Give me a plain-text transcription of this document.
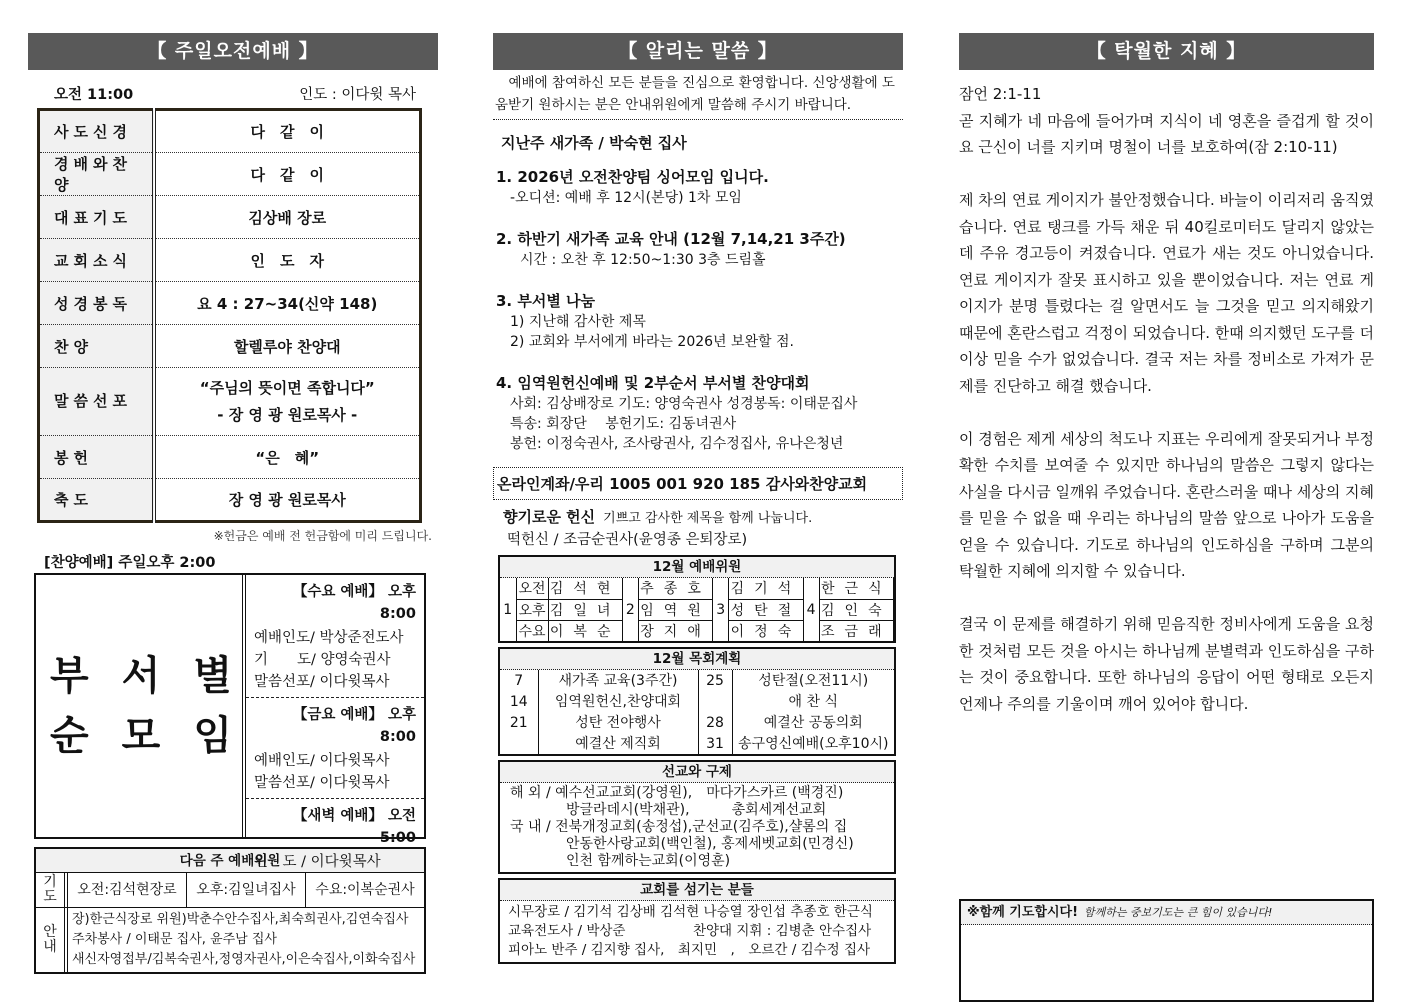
【 주일오전예배 】
오전 11:00	인도 : 이다윗 목사
사도신경	다　같　이
경배와찬양	다　같　이
대표기도	김상배 장로
교회소식	인　도　자
성경봉독	요 4 : 27~34(신약 148)
찬양	할렐루야 찬양대
말씀선포	“주님의 뜻이면 족합니다”
- 장 영 광 원로목사 -

봉헌	“은　혜”
축도	장 영 광 원로목사
※헌금은 예배 전 헌금함에 미리 드립니다.
[찬양예배] 주일오후 2:00
부 서 별
순 모 임
【수요 예배】 오후 8:00
예배인도/ 박상준전도사
기　　도/ 양영숙권사
말씀선포/ 이다윗목사
【금요 예배】 오후 8:00
예배인도/ 이다윗목사
말씀선포/ 이다윗목사
【새벽 예배】 오전 5:00
인　도 / 이다윗목사
다음 주 예배위원
기도	오전:김석현장로	오후:김일녀집사	수요:이복순권사
안내
장)한근식장로 위원)박춘수안수집사,최숙희권사,김연숙집사
주차봉사 / 이태문 집사, 윤주남 집사
새신자영접부/김복숙권사,정영자권사,이은숙집사,이화숙집사
【 알리는 말씀 】
　예배에 참여하신 모든 분들을 진심으로 환영합니다. 신앙생활에 도움받기 원하시는 분은 안내위원에게 말씀해 주시기 바랍니다.
지난주 새가족 / 박숙현 집사
1. 2026년 오전찬양팀 싱어모임 입니다.
-오디션: 예배 후 12시(본당) 1차 모임
2. 하반기 새가족 교육 안내 (12월 7,14,21 3주간)
시간 : 오찬 후 12:50~1:30 3층 드림홀
3. 부서별 나눔
1) 지난해 감사한 제목
2) 교회와 부서에게 바라는 2026년 보완할 점.
4. 임역원헌신예배 및 2부순서 부서별 찬양대회
사회: 김상배장로 기도: 양영숙권사 성경봉독: 이태문집사
특송: 회장단　 봉헌기도: 김동녀권사
봉헌: 이정숙권사, 조사랑권사, 김수정집사, 유나은청년
온라인계좌/우리 1005 001 920 185 감사와찬양교회
향기로운 헌신 기쁘고 감사한 제목을 함께 나눕니다.
떡헌신 / 조금순권사(윤영종 은퇴장로)
12월 예배위원
1	오전	김석현	2	추종호	3	김기석	4	한근식
	오후	김일녀		임역원		성탄절		김인숙
	수요	이복순		장지애		이정숙		조금래
12월 목회계획
7	새가족 교육(3주간)	25	성탄절(오전11시)
14	임역원헌신,찬양대회		애 찬 식
21	성탄 전야행사	28	예결산 공동의회
	예결산 제직회	31	송구영신예배(오후10시)
선교와 구제
해 외 / 예수선교교회(강영원),　마다가스카르 (백경진)
　　　　방글라데시(박채관),　　　총회세계선교회
국 내 / 전북개정교회(송정섭),군선교(김주호),샬롬의 집
　　　　안동한사랑교회(백인철), 홍제세벳교회(민경신)
　　　　인천 함께하는교회(이영훈)
교회를 섬기는 분들
시무장로 / 김기석 김상배 김석현 나승열 장인섭 추종호 한근식
교육전도사 / 박상준　　　　　찬양대 지휘 : 김병춘 안수집사
피아노 반주 / 김지향 집사,　최지민　,　오르간 / 김수정 집사
【 탁월한 지혜 】
잠언 2:1-11
곧 지혜가 네 마음에 들어가며 지식이 네 영혼을 즐겁게 할 것이요 근신이 너를 지키며 명철이 너를 보호하여(잠 2:10-11)
제 차의 연료 게이지가 불안정했습니다. 바늘이 이리저리 움직였습니다. 연료 탱크를 가득 채운 뒤 40킬로미터도 달리지 않았는데 주유 경고등이 켜졌습니다. 연료가 새는 것도 아니었습니다. 연료 게이지가 잘못 표시하고 있을 뿐이었습니다. 저는 연료 게이지가 분명 틀렸다는 걸 알면서도 늘 그것을 믿고 의지해왔기 때문에 혼란스럽고 걱정이 되었습니다. 한때 의지했던 도구를 더 이상 믿을 수가 없었습니다. 결국 저는 차를 정비소로 가져가 문제를 진단하고 해결 했습니다.
이 경험은 제게 세상의 척도나 지표는 우리에게 잘못되거나 부정확한 수치를 보여줄 수 있지만 하나님의 말씀은 그렇지 않다는 사실을 다시금 일깨워 주었습니다. 혼란스러울 때나 세상의 지혜를 믿을 수 없을 때 우리는 하나님의 말씀 앞으로 나아가 도움을 얻을 수 있습니다. 기도로 하나님의 인도하심을 구하며 그분의 탁월한 지혜에 의지할 수 있습니다.
결국 이 문제를 해결하기 위해 믿음직한 정비사에게 도움을 요청한 것처럼 모든 것을 아시는 하나님께 분별력과 인도하심을 구하는 것이 중요합니다. 또한 하나님의 응답이 어떤 형태로 오든지 언제나 주의를 기울이며 깨어 있어야 합니다.
※함께 기도합시다! 함께하는 중보기도는 큰 힘이 있습니다!
